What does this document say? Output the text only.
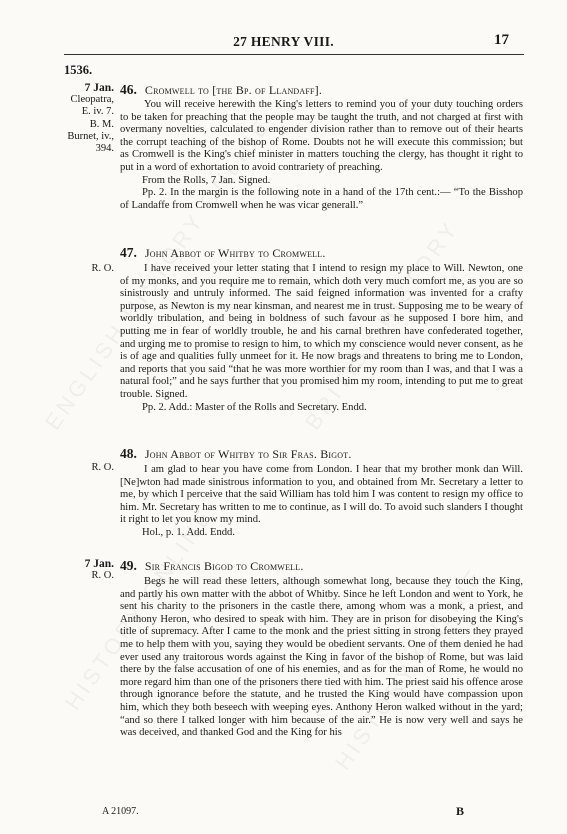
27 HENRY VIII.	17
1536.
7 Jan.
Cleopatra,
E. iv. 7.
B. M.
Burnet, iv.,
394.
46. Cromwell to [the Bp. of Llandaff].

You will receive herewith the King's letters to remind you of your duty touching orders to be taken for preaching that the people may be taught the truth, and not charged at first with overmany novelties, calculated to engender division rather than to remove out of their hearts the corrupt teaching of the bishop of Rome. Doubts not he will execute this commission; but as Cromwell is the King's chief minister in matters touching the clergy, has thought it right to put in a word of exhortation to avoid contrariety of preaching.

From the Rolls, 7 Jan. Signed.

Pp. 2. In the margin is the following note in a hand of the 17th cent.:— “To the Bisshop of Landaffe from Cromwell when he was vicar generall.”

R. O.
47. John Abbot of Whitby to Cromwell.

I have received your letter stating that I intend to resign my place to Will. Newton, one of my monks, and you require me to remain, which doth very much comfort me, as you are so sinistrously and untruly informed. The said feigned information was invented for a crafty purpose, as Newton is my near kinsman, and nearest me in trust. Supposing me to be weary of worldly tribulation, and being in boldness of such favour as he supposed I bore him, and putting me in fear of worldly trouble, he and his carnal brethren have confederated together, and urging me to promise to resign to him, to which my conscience would never consent, as he is of age and qualities fully unmeet for it. He now brags and threatens to bring me to London, and reports that you said “that he was more worthier for my room than I was, and that I was a natural fool;” and he says further that you promised him my room, intending to put me to great trouble. Signed.

Pp. 2. Add.: Master of the Rolls and Secretary. Endd.

R. O.
48. John Abbot of Whitby to Sir Fras. Bigot.

I am glad to hear you have come from London. I hear that my brother monk dan Will. [Ne]wton had made sinistrous information to you, and obtained from Mr. Secretary a letter to me, by which I perceive that the said William has told him I was content to resign my office to him. Mr. Secretary has written to me to continue, as I will do. To avoid such slanders I thought it right to let you know my mind.

Hol., p. 1. Add. Endd.

7 Jan.
R. O.
49. Sir Francis Bigod to Cromwell.

Begs he will read these letters, although somewhat long, because they touch the King, and partly his own matter with the abbot of Whitby. Since he left London and went to York, he sent his charity to the prisoners in the castle there, among whom was a monk, a priest, and Anthony Heron, who desired to speak with him. They are in prison for disobeying the King's title of supremacy. After I came to the monk and the priest sitting in strong fetters they prayed me to help them with you, saying they would be obedient servants. One of them denied he had ever used any traitorous words against the King in favor of the bishop of Rome, but was laid there by the false accusation of one of his enemies, and as for the man of Rome, he would no more regard him than one of the prisoners there tied with him. The priest said his offence arose through ignorance before the statute, and he trusted the King would have compassion upon him, which they both beseech with weeping eyes. Anthony Heron walked without in the yard; “and so there I talked longer with him because of the air.” He is now very well and says he was deceived, and thanked God and the King for his

A 21097.	B
